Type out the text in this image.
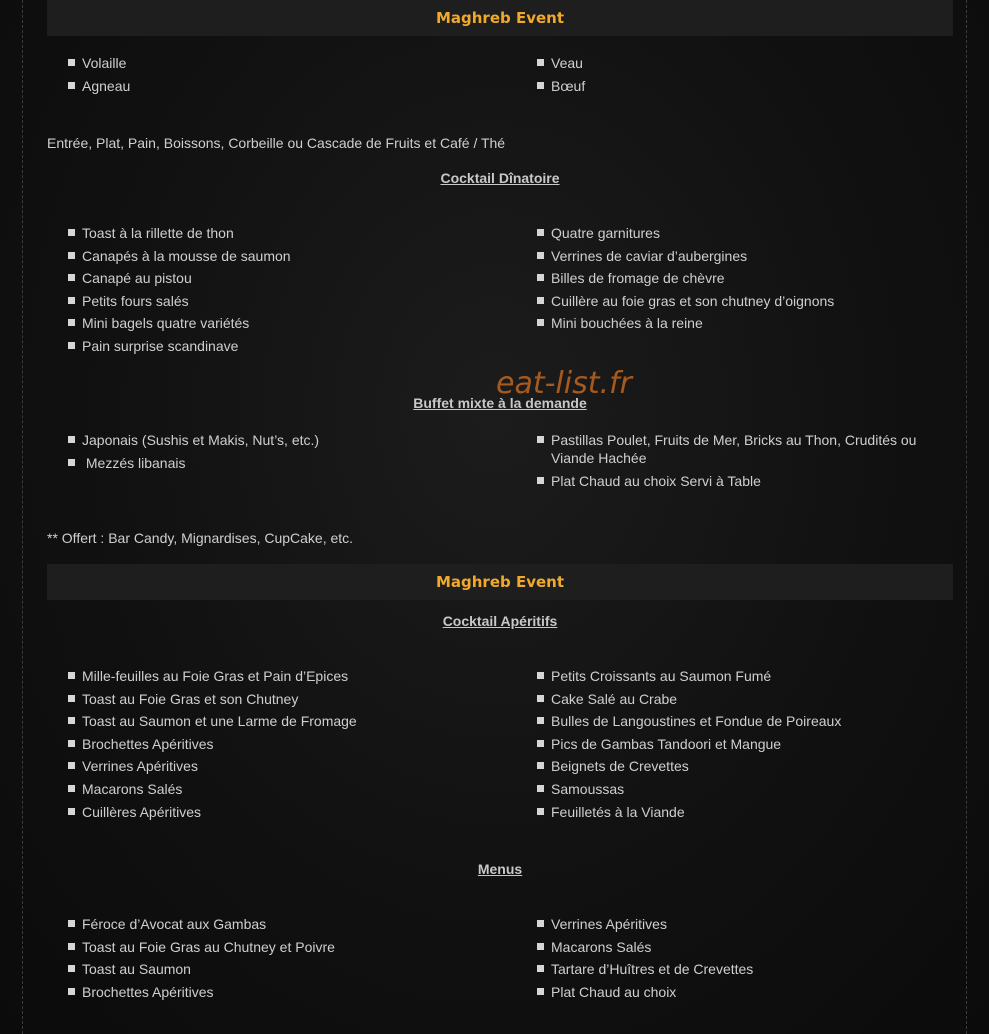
Maghreb Event
Volaille
Agneau
Veau
Bœuf
Entrée, Plat, Pain, Boissons, Corbeille ou Cascade de Fruits et Café / Thé
Cocktail Dînatoire
Toast à la rillette de thon
Canapés à la mousse de saumon
Canapé au pistou
Petits fours salés
Mini bagels quatre variétés
Pain surprise scandinave
Quatre garnitures
Verrines de caviar d’aubergines
Billes de fromage de chèvre
Cuillère au foie gras et son chutney d’oignons
Mini bouchées à la reine
eat-list.fr
Buffet mixte à la demande
Japonais (Sushis et Makis, Nut’s, etc.)
Mezzés libanais
Pastillas Poulet, Fruits de Mer, Bricks au Thon, Crudités ou Viande Hachée
Plat Chaud au choix Servi à Table
** Offert : Bar Candy, Mignardises, CupCake, etc.
Maghreb Event
Cocktail Apéritifs
Mille-feuilles au Foie Gras et Pain d’Epices
Toast au Foie Gras et son Chutney
Toast au Saumon et une Larme de Fromage
Brochettes Apéritives
Verrines Apéritives
Macarons Salés
Cuillères Apéritives
Petits Croissants au Saumon Fumé
Cake Salé au Crabe
Bulles de Langoustines et Fondue de Poireaux
Pics de Gambas Tandoori et Mangue
Beignets de Crevettes
Samoussas
Feuilletés à la Viande
Menus
Féroce d’Avocat aux Gambas
Toast au Foie Gras au Chutney et Poivre
Toast au Saumon
Brochettes Apéritives
Verrines Apéritives
Macarons Salés
Tartare d’Huîtres et de Crevettes
Plat Chaud au choix
